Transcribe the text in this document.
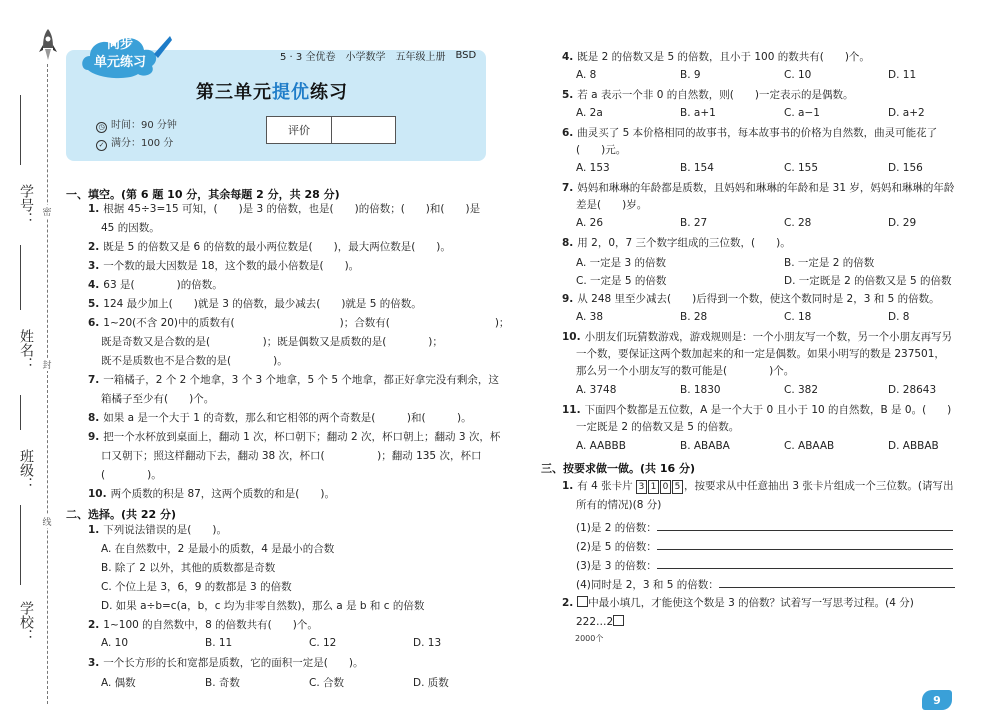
密
封
线
学号：
姓名：
班级：
学校：
5 · 3 全优卷 小学数学 五年级上册 BSD
同步
单元练习
第三单元提优练习
◷ 时间：90 分钟
✓ 满分：100 分
评价
一、填空。(第 6 题 10 分，其余每题 2 分，共 28 分)
1. 根据 45÷3=15 可知，(　　)是 3 的倍数，也是(　　)的倍数；(　　)和(　　)是
45 的因数。
2. 既是 5 的倍数又是 6 的倍数的最小两位数是(　　)，最大两位数是(　　)。
3. 一个数的最大因数是 18，这个数的最小倍数是(　　)。
4. 63 是(　　　　)的倍数。
5. 124 最少加上(　　)就是 3 的倍数，最少减去(　　)就是 5 的倍数。
6. 1~20(不含 20)中的质数有(　　　　　　　　　　)；合数有(　　　　　　　　　　)；
既是奇数又是合数的是(　　　　　)；既是偶数又是质数的是(　　　　)；
既不是质数也不是合数的是(　　　　)。
7. 一箱橘子，2 个 2 个地拿，3 个 3 个地拿，5 个 5 个地拿，都正好拿完没有剩余，这
箱橘子至少有(　　)个。
8. 如果 a 是一个大于 1 的奇数，那么和它相邻的两个奇数是(　　　)和(　　　)。
9. 把一个水杯放到桌面上，翻动 1 次，杯口朝下；翻动 2 次，杯口朝上；翻动 3 次，杯
口又朝下；照这样翻动下去，翻动 38 次，杯口(　　　　　)；翻动 135 次，杯口
(　　　　)。
10. 两个质数的积是 87，这两个质数的和是(　　)。
二、选择。(共 22 分)
1. 下列说法错误的是(　　)。
A. 在自然数中，2 是最小的质数，4 是最小的合数
B. 除了 2 以外，其他的质数都是奇数
C. 个位上是 3，6，9 的数都是 3 的倍数
D. 如果 a÷b=c(a，b，c 均为非零自然数)，那么 a 是 b 和 c 的倍数
2. 1~100 的自然数中，8 的倍数共有(　　)个。
A. 10	B. 11	C. 12	D. 13
3. 一个长方形的长和宽都是质数，它的面积一定是(　　)。
A. 偶数	B. 奇数	C. 合数	D. 质数
4. 既是 2 的倍数又是 5 的倍数，且小于 100 的数共有(　　)个。
A. 8	B. 9	C. 10	D. 11
5. 若 a 表示一个非 0 的自然数，则(　　)一定表示的是偶数。
A. 2a	B. a+1	C. a−1	D. a+2
6. 曲灵买了 5 本价格相同的故事书，每本故事书的价格为自然数，曲灵可能花了
(　　)元。
A. 153	B. 154	C. 155	D. 156
7. 妈妈和琳琳的年龄都是质数，且妈妈和琳琳的年龄和是 31 岁，妈妈和琳琳的年龄
差是(　　)岁。
A. 26	B. 27	C. 28	D. 29
8. 用 2，0，7 三个数字组成的三位数，(　　)。
A. 一定是 3 的倍数	B. 一定是 2 的倍数
C. 一定是 5 的倍数	D. 一定既是 2 的倍数又是 5 的倍数
9. 从 248 里至少减去(　　)后得到一个数，使这个数同时是 2，3 和 5 的倍数。
A. 38	B. 28	C. 18	D. 8
10. 小朋友们玩猜数游戏，游戏规则是：一个小朋友写一个数，另一个小朋友再写另
一个数，要保证这两个数加起来的和一定是偶数。如果小明写的数是 237501，
那么另一个小朋友写的数可能是(　　　　)个。
A. 3748	B. 1830	C. 382	D. 28643
11. 下面四个数都是五位数，A 是一个大于 0 且小于 10 的自然数，B 是 0。(　　)
一定既是 2 的倍数又是 5 的倍数。
A. AABBB	B. ABABA	C. ABAAB	D. ABBAB
三、按要求做一做。(共 16 分)
1. 有 4 张卡片 3 1 0 5 ，按要求从中任意抽出 3 张卡片组成一个三位数。(请写出
所有的情况)(8 分)
(1)是 2 的倍数：
(2)是 5 的倍数：
(3)是 3 的倍数：
(4)同时是 2，3 和 5 的倍数：
2. 中最小填几，才能使这个数是 3 的倍数？试着写一写思考过程。(4 分)
222…2
2000个
9
